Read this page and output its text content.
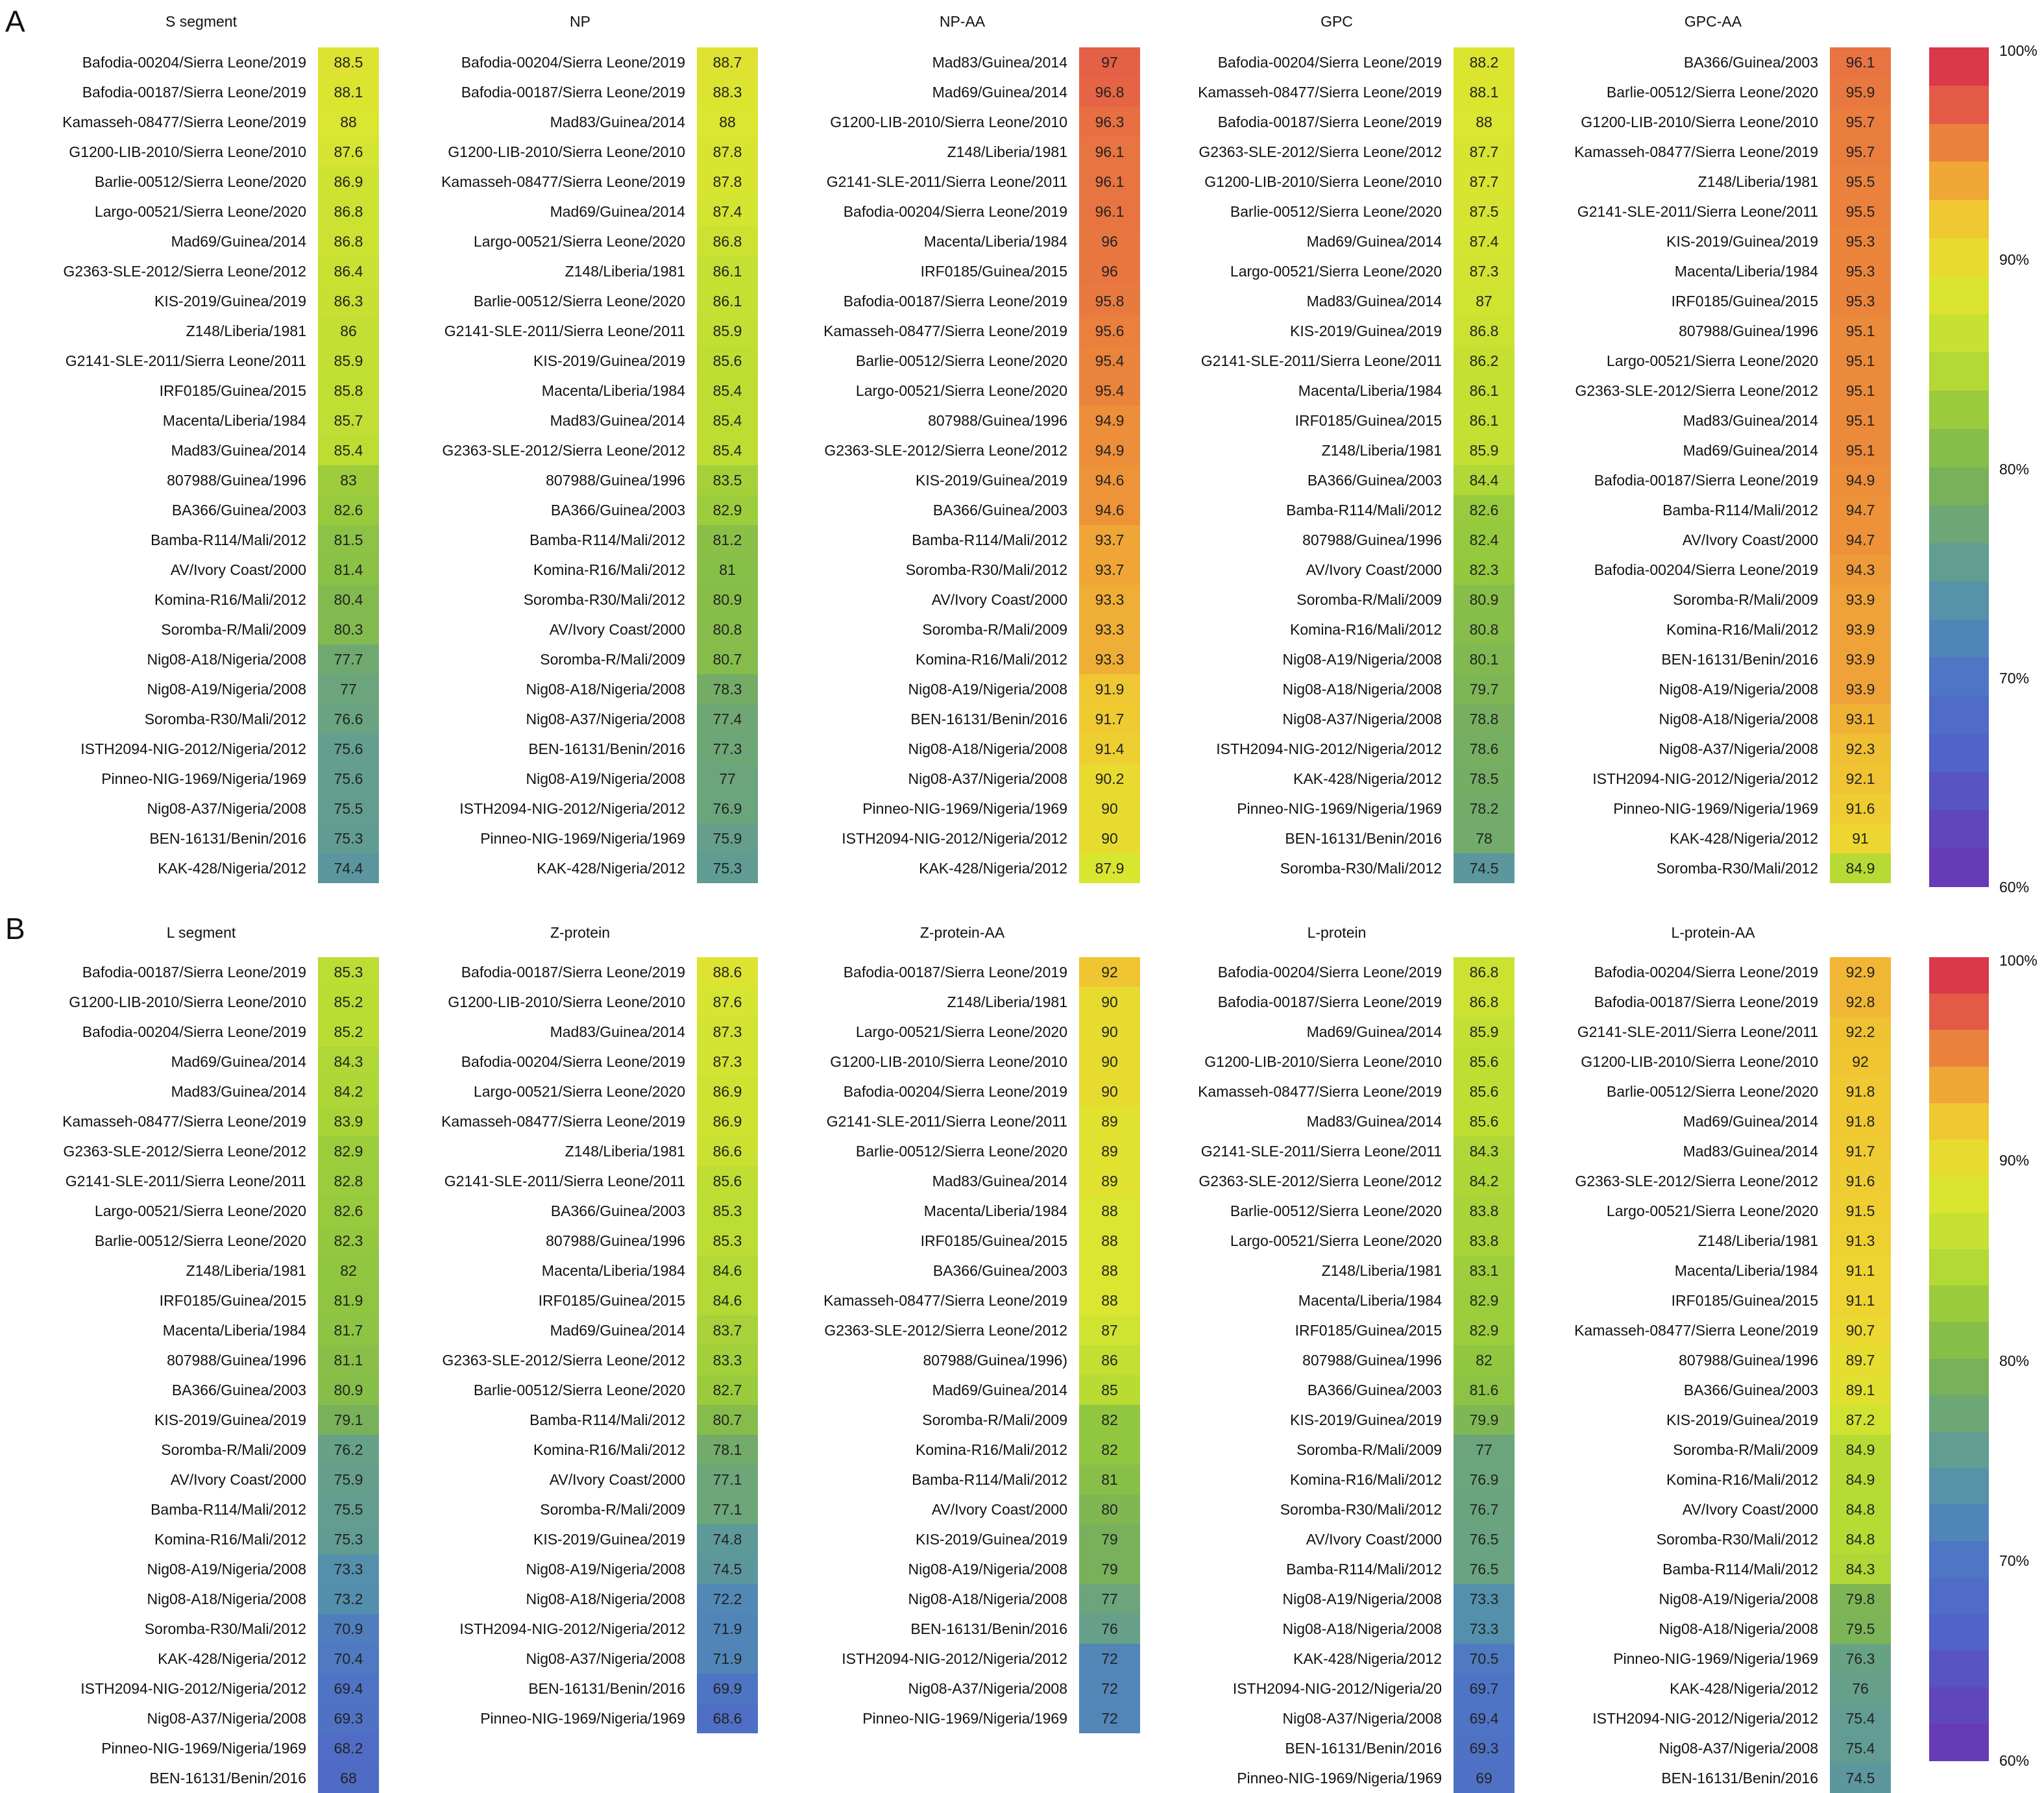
A
B
S segment
Bafodia-00204/Sierra Leone/2019	88.5
Bafodia-00187/Sierra Leone/2019	88.1
Kamasseh-08477/Sierra Leone/2019	88
G1200-LIB-2010/Sierra Leone/2010	87.6
Barlie-00512/Sierra Leone/2020	86.9
Largo-00521/Sierra Leone/2020	86.8
Mad69/Guinea/2014	86.8
G2363-SLE-2012/Sierra Leone/2012	86.4
KIS-2019/Guinea/2019	86.3
Z148/Liberia/1981	86
G2141-SLE-2011/Sierra Leone/2011	85.9
IRF0185/Guinea/2015	85.8
Macenta/Liberia/1984	85.7
Mad83/Guinea/2014	85.4
807988/Guinea/1996	83
BA366/Guinea/2003	82.6
Bamba-R114/Mali/2012	81.5
AV/Ivory Coast/2000	81.4
Komina-R16/Mali/2012	80.4
Soromba-R/Mali/2009	80.3
Nig08-A18/Nigeria/2008	77.7
Nig08-A19/Nigeria/2008	77
Soromba-R30/Mali/2012	76.6
ISTH2094-NIG-2012/Nigeria/2012	75.6
Pinneo-NIG-1969/Nigeria/1969	75.6
Nig08-A37/Nigeria/2008	75.5
BEN-16131/Benin/2016	75.3
KAK-428/Nigeria/2012	74.4
NP
Bafodia-00204/Sierra Leone/2019	88.7
Bafodia-00187/Sierra Leone/2019	88.3
Mad83/Guinea/2014	88
G1200-LIB-2010/Sierra Leone/2010	87.8
Kamasseh-08477/Sierra Leone/2019	87.8
Mad69/Guinea/2014	87.4
Largo-00521/Sierra Leone/2020	86.8
Z148/Liberia/1981	86.1
Barlie-00512/Sierra Leone/2020	86.1
G2141-SLE-2011/Sierra Leone/2011	85.9
KIS-2019/Guinea/2019	85.6
Macenta/Liberia/1984	85.4
Mad83/Guinea/2014	85.4
G2363-SLE-2012/Sierra Leone/2012	85.4
807988/Guinea/1996	83.5
BA366/Guinea/2003	82.9
Bamba-R114/Mali/2012	81.2
Komina-R16/Mali/2012	81
Soromba-R30/Mali/2012	80.9
AV/Ivory Coast/2000	80.8
Soromba-R/Mali/2009	80.7
Nig08-A18/Nigeria/2008	78.3
Nig08-A37/Nigeria/2008	77.4
BEN-16131/Benin/2016	77.3
Nig08-A19/Nigeria/2008	77
ISTH2094-NIG-2012/Nigeria/2012	76.9
Pinneo-NIG-1969/Nigeria/1969	75.9
KAK-428/Nigeria/2012	75.3
NP-AA
Mad83/Guinea/2014	97
Mad69/Guinea/2014	96.8
G1200-LIB-2010/Sierra Leone/2010	96.3
Z148/Liberia/1981	96.1
G2141-SLE-2011/Sierra Leone/2011	96.1
Bafodia-00204/Sierra Leone/2019	96.1
Macenta/Liberia/1984	96
IRF0185/Guinea/2015	96
Bafodia-00187/Sierra Leone/2019	95.8
Kamasseh-08477/Sierra Leone/2019	95.6
Barlie-00512/Sierra Leone/2020	95.4
Largo-00521/Sierra Leone/2020	95.4
807988/Guinea/1996	94.9
G2363-SLE-2012/Sierra Leone/2012	94.9
KIS-2019/Guinea/2019	94.6
BA366/Guinea/2003	94.6
Bamba-R114/Mali/2012	93.7
Soromba-R30/Mali/2012	93.7
AV/Ivory Coast/2000	93.3
Soromba-R/Mali/2009	93.3
Komina-R16/Mali/2012	93.3
Nig08-A19/Nigeria/2008	91.9
BEN-16131/Benin/2016	91.7
Nig08-A18/Nigeria/2008	91.4
Nig08-A37/Nigeria/2008	90.2
Pinneo-NIG-1969/Nigeria/1969	90
ISTH2094-NIG-2012/Nigeria/2012	90
KAK-428/Nigeria/2012	87.9
GPC
Bafodia-00204/Sierra Leone/2019	88.2
Kamasseh-08477/Sierra Leone/2019	88.1
Bafodia-00187/Sierra Leone/2019	88
G2363-SLE-2012/Sierra Leone/2012	87.7
G1200-LIB-2010/Sierra Leone/2010	87.7
Barlie-00512/Sierra Leone/2020	87.5
Mad69/Guinea/2014	87.4
Largo-00521/Sierra Leone/2020	87.3
Mad83/Guinea/2014	87
KIS-2019/Guinea/2019	86.8
G2141-SLE-2011/Sierra Leone/2011	86.2
Macenta/Liberia/1984	86.1
IRF0185/Guinea/2015	86.1
Z148/Liberia/1981	85.9
BA366/Guinea/2003	84.4
Bamba-R114/Mali/2012	82.6
807988/Guinea/1996	82.4
AV/Ivory Coast/2000	82.3
Soromba-R/Mali/2009	80.9
Komina-R16/Mali/2012	80.8
Nig08-A19/Nigeria/2008	80.1
Nig08-A18/Nigeria/2008	79.7
Nig08-A37/Nigeria/2008	78.8
ISTH2094-NIG-2012/Nigeria/2012	78.6
KAK-428/Nigeria/2012	78.5
Pinneo-NIG-1969/Nigeria/1969	78.2
BEN-16131/Benin/2016	78
Soromba-R30/Mali/2012	74.5
GPC-AA
BA366/Guinea/2003	96.1
Barlie-00512/Sierra Leone/2020	95.9
G1200-LIB-2010/Sierra Leone/2010	95.7
Kamasseh-08477/Sierra Leone/2019	95.7
Z148/Liberia/1981	95.5
G2141-SLE-2011/Sierra Leone/2011	95.5
KIS-2019/Guinea/2019	95.3
Macenta/Liberia/1984	95.3
IRF0185/Guinea/2015	95.3
807988/Guinea/1996	95.1
Largo-00521/Sierra Leone/2020	95.1
G2363-SLE-2012/Sierra Leone/2012	95.1
Mad83/Guinea/2014	95.1
Mad69/Guinea/2014	95.1
Bafodia-00187/Sierra Leone/2019	94.9
Bamba-R114/Mali/2012	94.7
AV/Ivory Coast/2000	94.7
Bafodia-00204/Sierra Leone/2019	94.3
Soromba-R/Mali/2009	93.9
Komina-R16/Mali/2012	93.9
BEN-16131/Benin/2016	93.9
Nig08-A19/Nigeria/2008	93.9
Nig08-A18/Nigeria/2008	93.1
Nig08-A37/Nigeria/2008	92.3
ISTH2094-NIG-2012/Nigeria/2012	92.1
Pinneo-NIG-1969/Nigeria/1969	91.6
KAK-428/Nigeria/2012	91
Soromba-R30/Mali/2012	84.9
100%
90%
80%
70%
60%
L segment
Bafodia-00187/Sierra Leone/2019	85.3
G1200-LIB-2010/Sierra Leone/2010	85.2
Bafodia-00204/Sierra Leone/2019	85.2
Mad69/Guinea/2014	84.3
Mad83/Guinea/2014	84.2
Kamasseh-08477/Sierra Leone/2019	83.9
G2363-SLE-2012/Sierra Leone/2012	82.9
G2141-SLE-2011/Sierra Leone/2011	82.8
Largo-00521/Sierra Leone/2020	82.6
Barlie-00512/Sierra Leone/2020	82.3
Z148/Liberia/1981	82
IRF0185/Guinea/2015	81.9
Macenta/Liberia/1984	81.7
807988/Guinea/1996	81.1
BA366/Guinea/2003	80.9
KIS-2019/Guinea/2019	79.1
Soromba-R/Mali/2009	76.2
AV/Ivory Coast/2000	75.9
Bamba-R114/Mali/2012	75.5
Komina-R16/Mali/2012	75.3
Nig08-A19/Nigeria/2008	73.3
Nig08-A18/Nigeria/2008	73.2
Soromba-R30/Mali/2012	70.9
KAK-428/Nigeria/2012	70.4
ISTH2094-NIG-2012/Nigeria/2012	69.4
Nig08-A37/Nigeria/2008	69.3
Pinneo-NIG-1969/Nigeria/1969	68.2
BEN-16131/Benin/2016	68
Z-protein
Bafodia-00187/Sierra Leone/2019	88.6
G1200-LIB-2010/Sierra Leone/2010	87.6
Mad83/Guinea/2014	87.3
Bafodia-00204/Sierra Leone/2019	87.3
Largo-00521/Sierra Leone/2020	86.9
Kamasseh-08477/Sierra Leone/2019	86.9
Z148/Liberia/1981	86.6
G2141-SLE-2011/Sierra Leone/2011	85.6
BA366/Guinea/2003	85.3
807988/Guinea/1996	85.3
Macenta/Liberia/1984	84.6
IRF0185/Guinea/2015	84.6
Mad69/Guinea/2014	83.7
G2363-SLE-2012/Sierra Leone/2012	83.3
Barlie-00512/Sierra Leone/2020	82.7
Bamba-R114/Mali/2012	80.7
Komina-R16/Mali/2012	78.1
AV/Ivory Coast/2000	77.1
Soromba-R/Mali/2009	77.1
KIS-2019/Guinea/2019	74.8
Nig08-A19/Nigeria/2008	74.5
Nig08-A18/Nigeria/2008	72.2
ISTH2094-NIG-2012/Nigeria/2012	71.9
Nig08-A37/Nigeria/2008	71.9
BEN-16131/Benin/2016	69.9
Pinneo-NIG-1969/Nigeria/1969	68.6
Z-protein-AA
Bafodia-00187/Sierra Leone/2019	92
Z148/Liberia/1981	90
Largo-00521/Sierra Leone/2020	90
G1200-LIB-2010/Sierra Leone/2010	90
Bafodia-00204/Sierra Leone/2019	90
G2141-SLE-2011/Sierra Leone/2011	89
Barlie-00512/Sierra Leone/2020	89
Mad83/Guinea/2014	89
Macenta/Liberia/1984	88
IRF0185/Guinea/2015	88
BA366/Guinea/2003	88
Kamasseh-08477/Sierra Leone/2019	88
G2363-SLE-2012/Sierra Leone/2012	87
807988/Guinea/1996)	86
Mad69/Guinea/2014	85
Soromba-R/Mali/2009	82
Komina-R16/Mali/2012	82
Bamba-R114/Mali/2012	81
AV/Ivory Coast/2000	80
KIS-2019/Guinea/2019	79
Nig08-A19/Nigeria/2008	79
Nig08-A18/Nigeria/2008	77
BEN-16131/Benin/2016	76
ISTH2094-NIG-2012/Nigeria/2012	72
Nig08-A37/Nigeria/2008	72
Pinneo-NIG-1969/Nigeria/1969	72
L-protein
Bafodia-00204/Sierra Leone/2019	86.8
Bafodia-00187/Sierra Leone/2019	86.8
Mad69/Guinea/2014	85.9
G1200-LIB-2010/Sierra Leone/2010	85.6
Kamasseh-08477/Sierra Leone/2019	85.6
Mad83/Guinea/2014	85.6
G2141-SLE-2011/Sierra Leone/2011	84.3
G2363-SLE-2012/Sierra Leone/2012	84.2
Barlie-00512/Sierra Leone/2020	83.8
Largo-00521/Sierra Leone/2020	83.8
Z148/Liberia/1981	83.1
Macenta/Liberia/1984	82.9
IRF0185/Guinea/2015	82.9
807988/Guinea/1996	82
BA366/Guinea/2003	81.6
KIS-2019/Guinea/2019	79.9
Soromba-R/Mali/2009	77
Komina-R16/Mali/2012	76.9
Soromba-R30/Mali/2012	76.7
AV/Ivory Coast/2000	76.5
Bamba-R114/Mali/2012	76.5
Nig08-A19/Nigeria/2008	73.3
Nig08-A18/Nigeria/2008	73.3
KAK-428/Nigeria/2012	70.5
ISTH2094-NIG-2012/Nigeria/20	69.7
Nig08-A37/Nigeria/2008	69.4
BEN-16131/Benin/2016	69.3
Pinneo-NIG-1969/Nigeria/1969	69
L-protein-AA
Bafodia-00204/Sierra Leone/2019	92.9
Bafodia-00187/Sierra Leone/2019	92.8
G2141-SLE-2011/Sierra Leone/2011	92.2
G1200-LIB-2010/Sierra Leone/2010	92
Barlie-00512/Sierra Leone/2020	91.8
Mad69/Guinea/2014	91.8
Mad83/Guinea/2014	91.7
G2363-SLE-2012/Sierra Leone/2012	91.6
Largo-00521/Sierra Leone/2020	91.5
Z148/Liberia/1981	91.3
Macenta/Liberia/1984	91.1
IRF0185/Guinea/2015	91.1
Kamasseh-08477/Sierra Leone/2019	90.7
807988/Guinea/1996	89.7
BA366/Guinea/2003	89.1
KIS-2019/Guinea/2019	87.2
Soromba-R/Mali/2009	84.9
Komina-R16/Mali/2012	84.9
AV/Ivory Coast/2000	84.8
Soromba-R30/Mali/2012	84.8
Bamba-R114/Mali/2012	84.3
Nig08-A19/Nigeria/2008	79.8
Nig08-A18/Nigeria/2008	79.5
Pinneo-NIG-1969/Nigeria/1969	76.3
KAK-428/Nigeria/2012	76
ISTH2094-NIG-2012/Nigeria/2012	75.4
Nig08-A37/Nigeria/2008	75.4
BEN-16131/Benin/2016	74.5
100%
90%
80%
70%
60%
